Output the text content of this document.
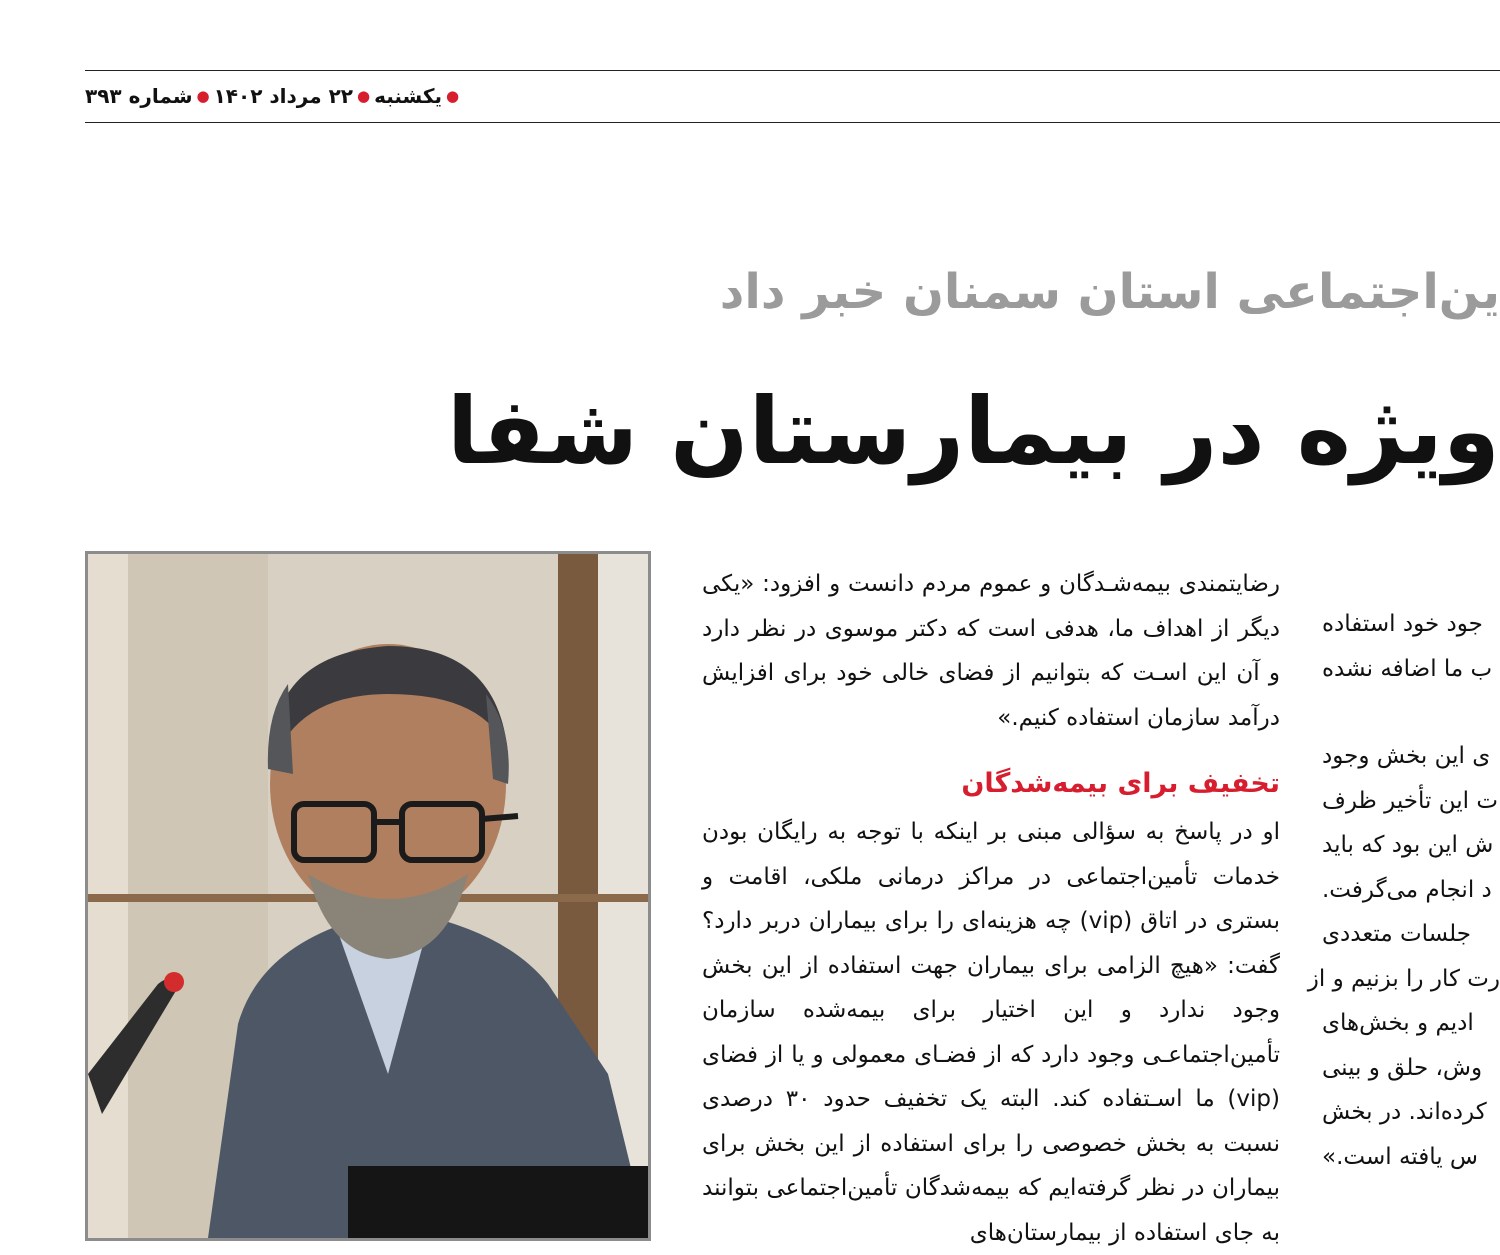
●
یکشنبه
●
۲۲ مرداد ۱۴۰۲
●
شماره ۳۹۳
ین‌اجتماعی استان سمنان خبر داد
ویژه در بیمارستان شفا

رضایتمندی بیمه‌شـدگان و عموم مردم دانست و افزود: «یکی دیگر از اهداف ما، هدفی است که دکتر موسوی در نظر دارد و آن این اسـت که بتوانیم از فضای خالی خود برای افزایش درآمد سازمان استفاده کنیم.»

تخفیف برای بیمه‌شدگان

او در پاسخ به سؤالی مبنی بر اینکه با توجه به رایگان بودن خدمات تأمین‌اجتماعی در مراکز درمانی ملکی، اقامت و بستری در اتاق (vip) چه هزینه‌ای را برای بیماران دربر دارد؟ گفت: «هیچ الزامی برای بیماران جهت استفاده از این بخش وجود ندارد و این اختیار برای بیمه‌شده سازمان تأمین‌اجتماعـی وجود دارد که از فضـای معمولی و یا از فضای (vip) ما اسـتفاده کند. البته یک تخفیف حدود ۳۰ درصدی نسبت به بخش خصوصی را برای استفاده از این بخش برای بیماران در نظر گرفته‌ایم که بیمه‌شدگان تأمین‌اجتماعی بتوانند به جای استفاده از بیمارستان‌های

جود خود استفاده
ب ما اضافه نشده
ی این بخش وجود
ت این تأخیر ظرف
ش این بود که باید
د انجام می‌گرفت.
جلسات متعددی
رت کار را بزنیم و از
ادیم و بخش‌های
وش، حلق و بینی
کرده‌اند. در بخش
س یافته است.»
